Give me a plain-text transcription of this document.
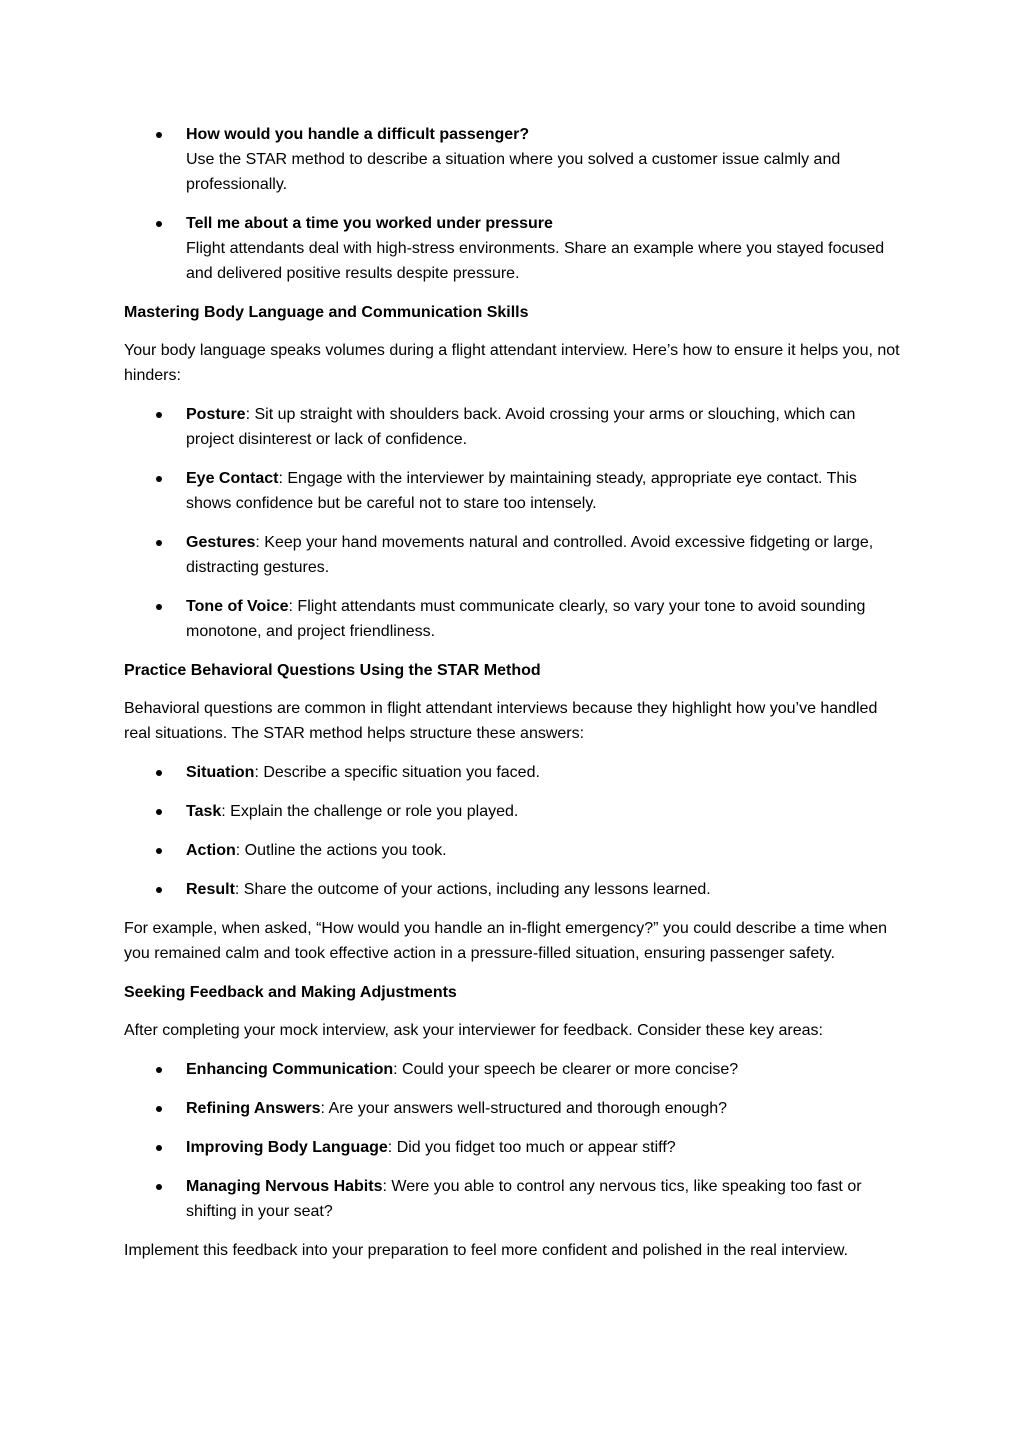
How would you handle a difficult passenger?
Use the STAR method to describe a situation where you solved a customer issue calmly and professionally.
Tell me about a time you worked under pressure
Flight attendants deal with high-stress environments. Share an example where you stayed focused and delivered positive results despite pressure.
Mastering Body Language and Communication Skills

Your body language speaks volumes during a flight attendant interview. Here’s how to ensure it helps you, not hinders:

Posture: Sit up straight with shoulders back. Avoid crossing your arms or slouching, which can project disinterest or lack of confidence.
Eye Contact: Engage with the interviewer by maintaining steady, appropriate eye contact. This shows confidence but be careful not to stare too intensely.
Gestures: Keep your hand movements natural and controlled. Avoid excessive fidgeting or large, distracting gestures.
Tone of Voice: Flight attendants must communicate clearly, so vary your tone to avoid sounding monotone, and project friendliness.
Practice Behavioral Questions Using the STAR Method

Behavioral questions are common in flight attendant interviews because they highlight how you’ve handled real situations. The STAR method helps structure these answers:

Situation: Describe a specific situation you faced.
Task: Explain the challenge or role you played.
Action: Outline the actions you took.
Result: Share the outcome of your actions, including any lessons learned.

For example, when asked, “How would you handle an in-flight emergency?” you could describe a time when you remained calm and took effective action in a pressure-filled situation, ensuring passenger safety.

Seeking Feedback and Making Adjustments

After completing your mock interview, ask your interviewer for feedback. Consider these key areas:

Enhancing Communication: Could your speech be clearer or more concise?
Refining Answers: Are your answers well-structured and thorough enough?
Improving Body Language: Did you fidget too much or appear stiff?
Managing Nervous Habits: Were you able to control any nervous tics, like speaking too fast or shifting in your seat?

Implement this feedback into your preparation to feel more confident and polished in the real interview.
